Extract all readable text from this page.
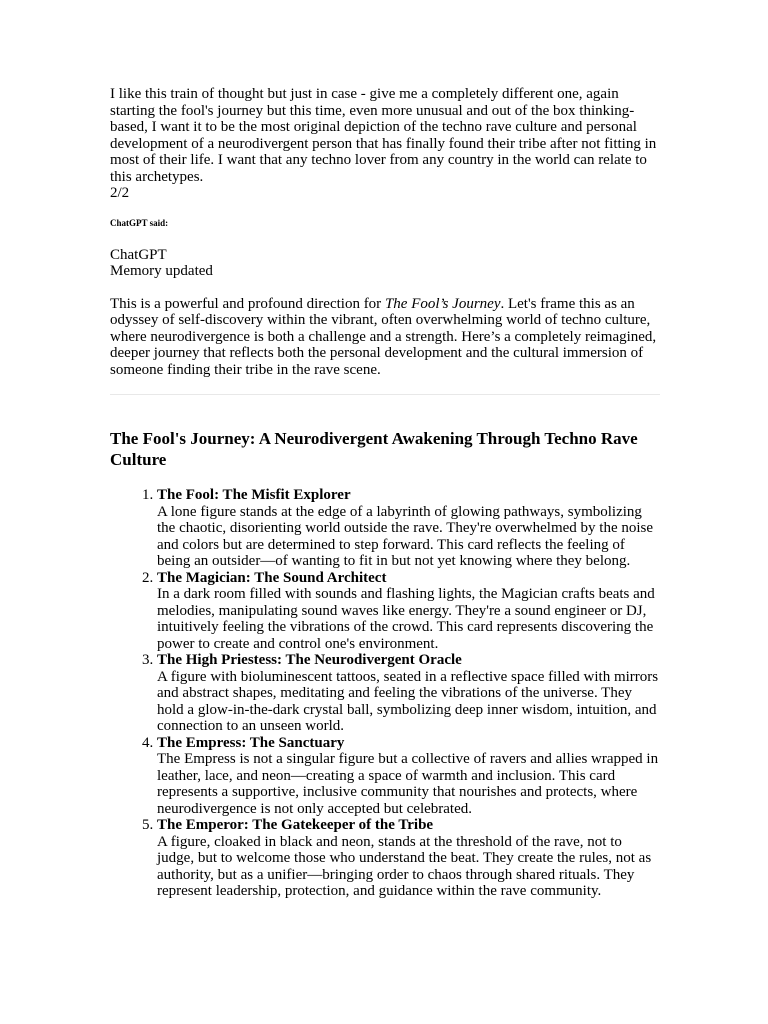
I like this train of thought but just in case - give me a completely different one, again starting the fool's journey but this time, even more unusual and out of the box thinking-based, I want it to be the most original depiction of the techno rave culture and personal development of a neurodivergent person that has finally found their tribe after not fitting in most of their life. I want that any techno lover from any country in the world can relate to this archetypes.

2/2

ChatGPT said:

ChatGPT
Memory updated

This is a powerful and profound direction for The Fool’s Journey. Let's frame this as an odyssey of self-discovery within the vibrant, often overwhelming world of techno culture, where neurodivergence is both a challenge and a strength. Here’s a completely reimagined, deeper journey that reflects both the personal development and the cultural immersion of someone finding their tribe in the rave scene.

The Fool's Journey: A Neurodivergent Awakening Through Techno Rave Culture
1. The Fool: The Misfit Explorer
A lone figure stands at the edge of a labyrinth of glowing pathways, symbolizing the chaotic, disorienting world outside the rave. They're overwhelmed by the noise and colors but are determined to step forward. This card reflects the feeling of being an outsider—of wanting to fit in but not yet knowing where they belong.
2. The Magician: The Sound Architect
In a dark room filled with sounds and flashing lights, the Magician crafts beats and melodies, manipulating sound waves like energy. They're a sound engineer or DJ, intuitively feeling the vibrations of the crowd. This card represents discovering the power to create and control one's environment.
3. The High Priestess: The Neurodivergent Oracle
A figure with bioluminescent tattoos, seated in a reflective space filled with mirrors and abstract shapes, meditating and feeling the vibrations of the universe. They hold a glow-in-the-dark crystal ball, symbolizing deep inner wisdom, intuition, and connection to an unseen world.
4. The Empress: The Sanctuary
The Empress is not a singular figure but a collective of ravers and allies wrapped in leather, lace, and neon—creating a space of warmth and inclusion. This card represents a supportive, inclusive community that nourishes and protects, where neurodivergence is not only accepted but celebrated.
5. The Emperor: The Gatekeeper of the Tribe
A figure, cloaked in black and neon, stands at the threshold of the rave, not to judge, but to welcome those who understand the beat. They create the rules, not as authority, but as a unifier—bringing order to chaos through shared rituals. They represent leadership, protection, and guidance within the rave community.
